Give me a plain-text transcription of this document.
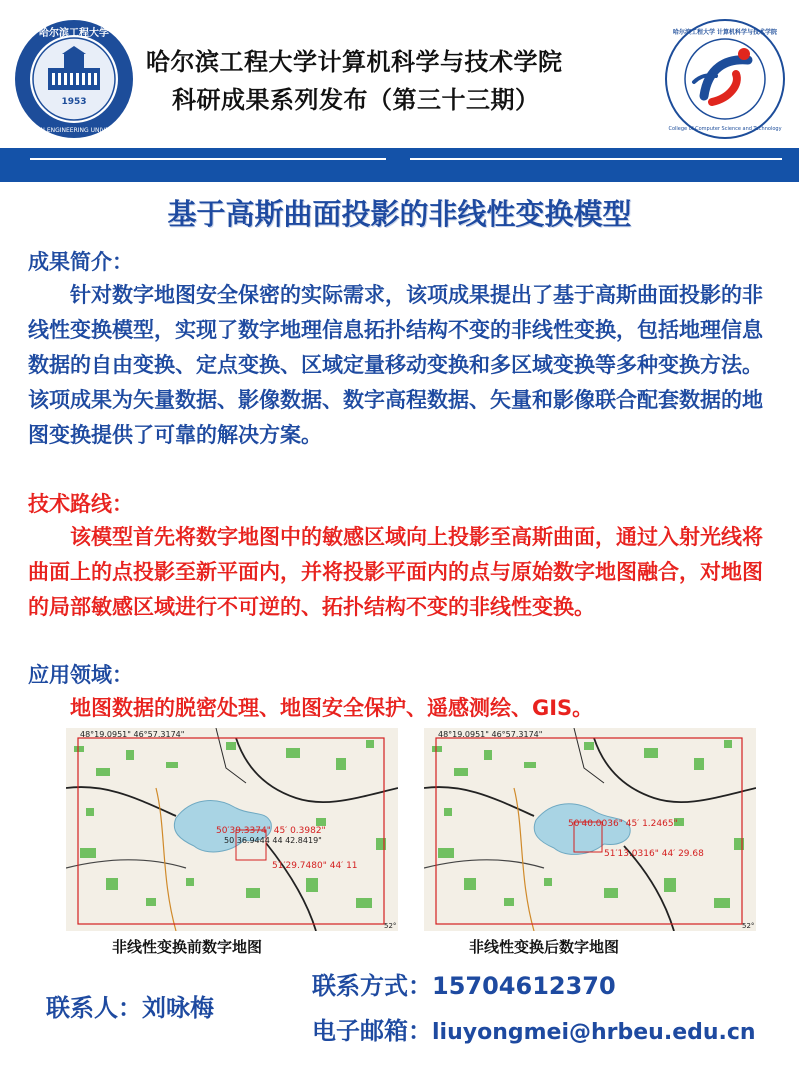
哈尔滨工程大学
HARBIN ENGINEERING UNIVERSITY
1953
哈尔滨工程大学计算机科学与技术学院
科研成果系列发布（第三十三期）
哈尔滨工程大学 计算机科学与技术学院
College of Computer Science and Technology
基于高斯曲面投影的非线性变换模型
成果简介：

针对数字地图安全保密的实际需求，该项成果提出了基于高斯曲面投影的非线性变换模型，实现了数字地理信息拓扑结构不变的非线性变换，包括地理信息数据的自由变换、定点变换、区域定量移动变换和多区域变换等多种变换方法。该项成果为矢量数据、影像数据、数字高程数据、矢量和影像联合配套数据的地图变换提供了可靠的解决方案。

技术路线：

该模型首先将数字地图中的敏感区域向上投影至高斯曲面，通过入射光线将曲面上的点投影至新平面内，并将投影平面内的点与原始数字地图融合，对地图的局部敏感区域进行不可逆的、拓扑结构不变的非线性变换。

应用领域：

地图数据的脱密处理、地图安全保护、遥感测绘、GIS。

48°19.0951" 46°57.3174"
50′39.3374" 45′ 0.3982"
50 36.9444 44 42.8419"
51′29.7480" 44′ 11
52°
非线性变换前数字地图
48°19.0951" 46°57.3174"
50′40.0036" 45′ 1.2465"
51′13.0316" 44′ 29.68
52°
非线性变换后数字地图
联系人：刘咏梅
联系方式：15704612370
电子邮箱：liuyongmei@hrbeu.edu.cn
